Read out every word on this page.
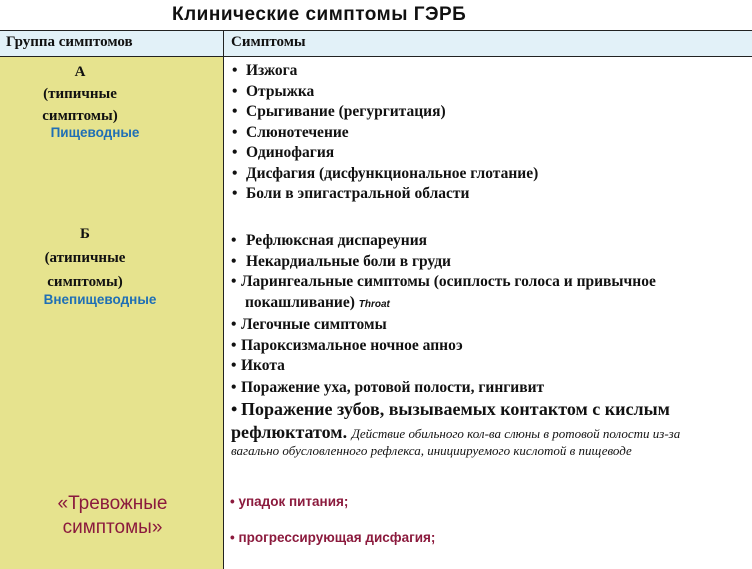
Клинические симптомы ГЭРБ
Группа симптомов	Симптомы
А
(типичные
симптомы)
Пищеводные
Б
(атипичные
симптомы)
Внепищеводные
«Тревожные
симптомы»
• Изжога
• Отрыжка
• Срыгивание (регургитация)
• Слюнотечение
• Одинофагия
• Дисфагия (дисфункциональное глотание)
• Боли в эпигастральной области
• Рефлюксная диспареуния
• Некардиальные боли в груди
• Ларингеальные симптомы (осиплость голоса и привычное
покашливание) Throat
• Легочные симптомы
• Пароксизмальное ночное апноэ
• Икота
• Поражение уха, ротовой полости, гингивит
• Поражение зубов, вызываемых контактом с кислым
рефлюктатом. Действие обильного кол-ва слюны в ротовой полости из-за
вагально обусловленного рефлекса, инициируемого кислотой в пищеводе
• упадок питания;
• прогрессирующая дисфагия;
